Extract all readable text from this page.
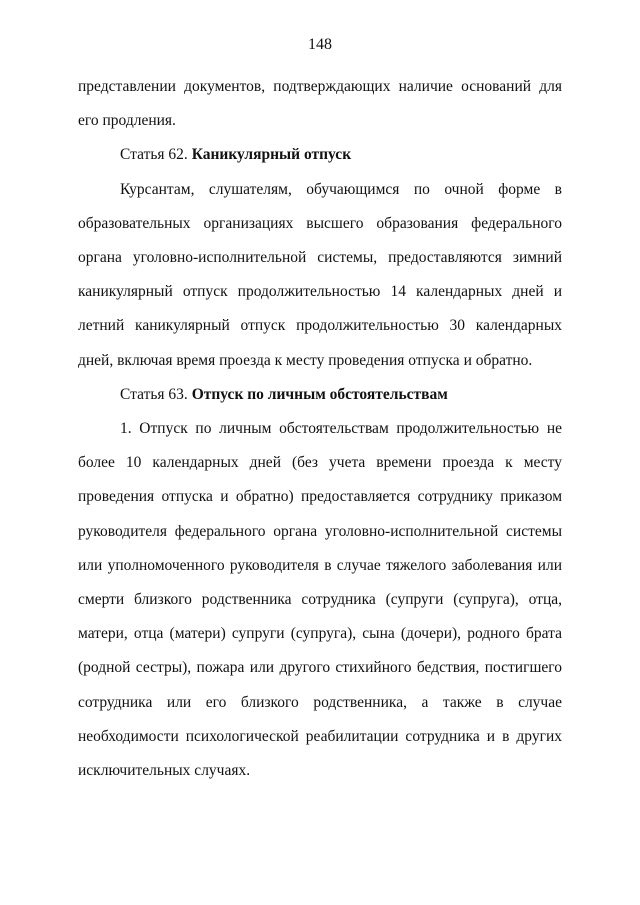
148

представлении документов, подтверждающих наличие оснований для его продления.

Статья 62. Каникулярный отпуск

Курсантам, слушателям, обучающимся по очной форме в образовательных организациях высшего образования федерального органа уголовно-исполнительной системы, предоставляются зимний каникулярный отпуск продолжительностью 14 календарных дней и летний каникулярный отпуск продолжительностью 30 календарных дней, включая время проезда к месту проведения отпуска и обратно.

Статья 63. Отпуск по личным обстоятельствам

1. Отпуск по личным обстоятельствам продолжительностью не более 10 календарных дней (без учета времени проезда к месту проведения отпуска и обратно) предоставляется сотруднику приказом руководителя федерального органа уголовно-исполнительной системы или уполномоченного руководителя в случае тяжелого заболевания или смерти близкого родственника сотрудника (супруги (супруга), отца, матери, отца (матери) супруги (супруга), сына (дочери), родного брата (родной сестры), пожара или другого стихийного бедствия, постигшего сотрудника или его близкого родственника, а также в случае необходимости психологической реабилитации сотрудника и в других исключительных случаях.
